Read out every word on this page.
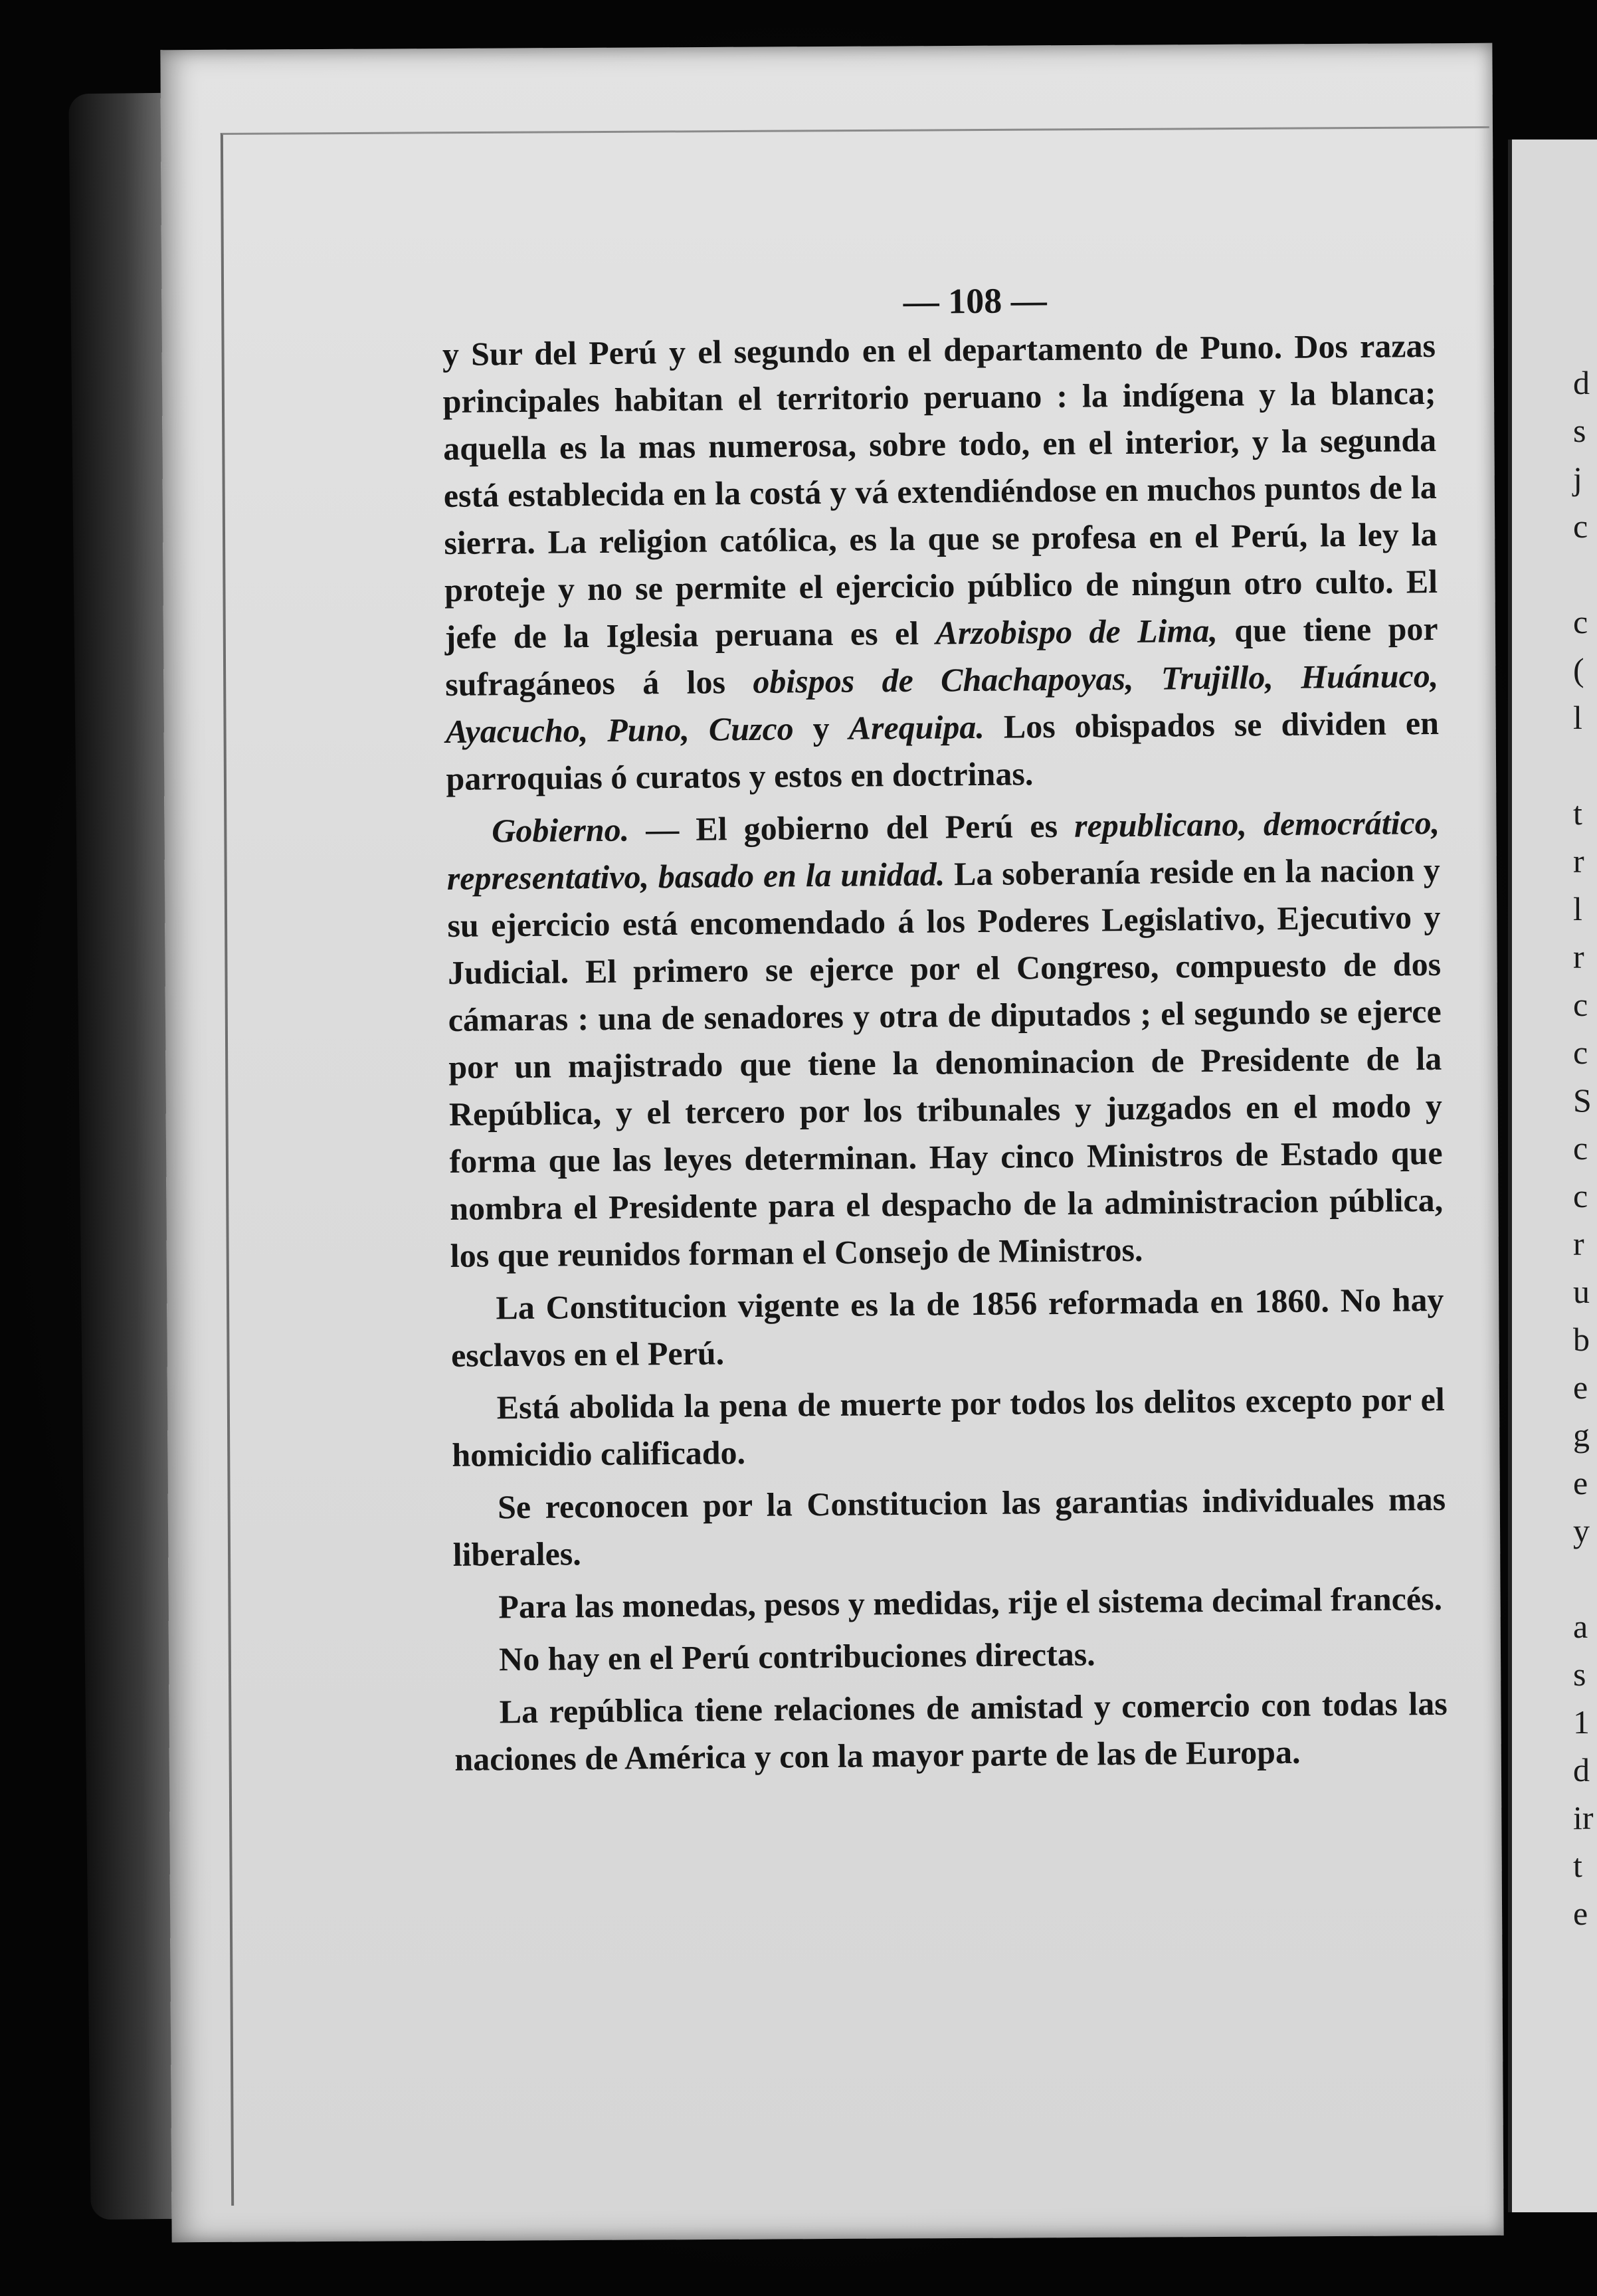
d
s
j
c

c
(
l

t
r
l
r
c
c
S
c
c
r
u
b
e
g
e
y

a
s
1
d
ir
t
e
— 108 —

y Sur del Perú y el segundo en el departamento de Puno. Dos razas principales habitan el territorio peruano : la indígena y la blanca; aquella es la mas numerosa, sobre todo, en el interior, y la segunda está establecida en la costá y vá extendiéndose en muchos puntos de la sierra. La religion católica, es la que se profesa en el Perú, la ley la proteje y no se permite el ejercicio público de ningun otro culto. El jefe de la Iglesia peruana es el Arzobispo de Lima, que tiene por sufragáneos á los obispos de Chachapoyas, Trujillo, Huánuco, Ayacucho, Puno, Cuzco y Arequipa. Los obispados se dividen en parroquias ó curatos y estos en doctrinas.

Gobierno. — El gobierno del Perú es republicano, democrático, representativo, basado en la unidad. La soberanía reside en la nacion y su ejercicio está encomendado á los Poderes Legislativo, Ejecutivo y Judicial. El primero se ejerce por el Congreso, compuesto de dos cámaras : una de senadores y otra de diputados ; el segundo se ejerce por un majistrado que tiene la denominacion de Presidente de la República, y el tercero por los tribunales y juzgados en el modo y forma que las leyes determinan. Hay cinco Ministros de Estado que nombra el Presidente para el despacho de la administracion pública, los que reunidos forman el Consejo de Ministros.

La Constitucion vigente es la de 1856 reformada en 1860. No hay esclavos en el Perú.

Está abolida la pena de muerte por todos los delitos excepto por el homicidio calificado.

Se reconocen por la Constitucion las garantias individuales mas liberales.

Para las monedas, pesos y medidas, rije el sistema decimal francés.

No hay en el Perú contribuciones directas.

La república tiene relaciones de amistad y comercio con todas las naciones de América y con la mayor parte de las de Europa.
